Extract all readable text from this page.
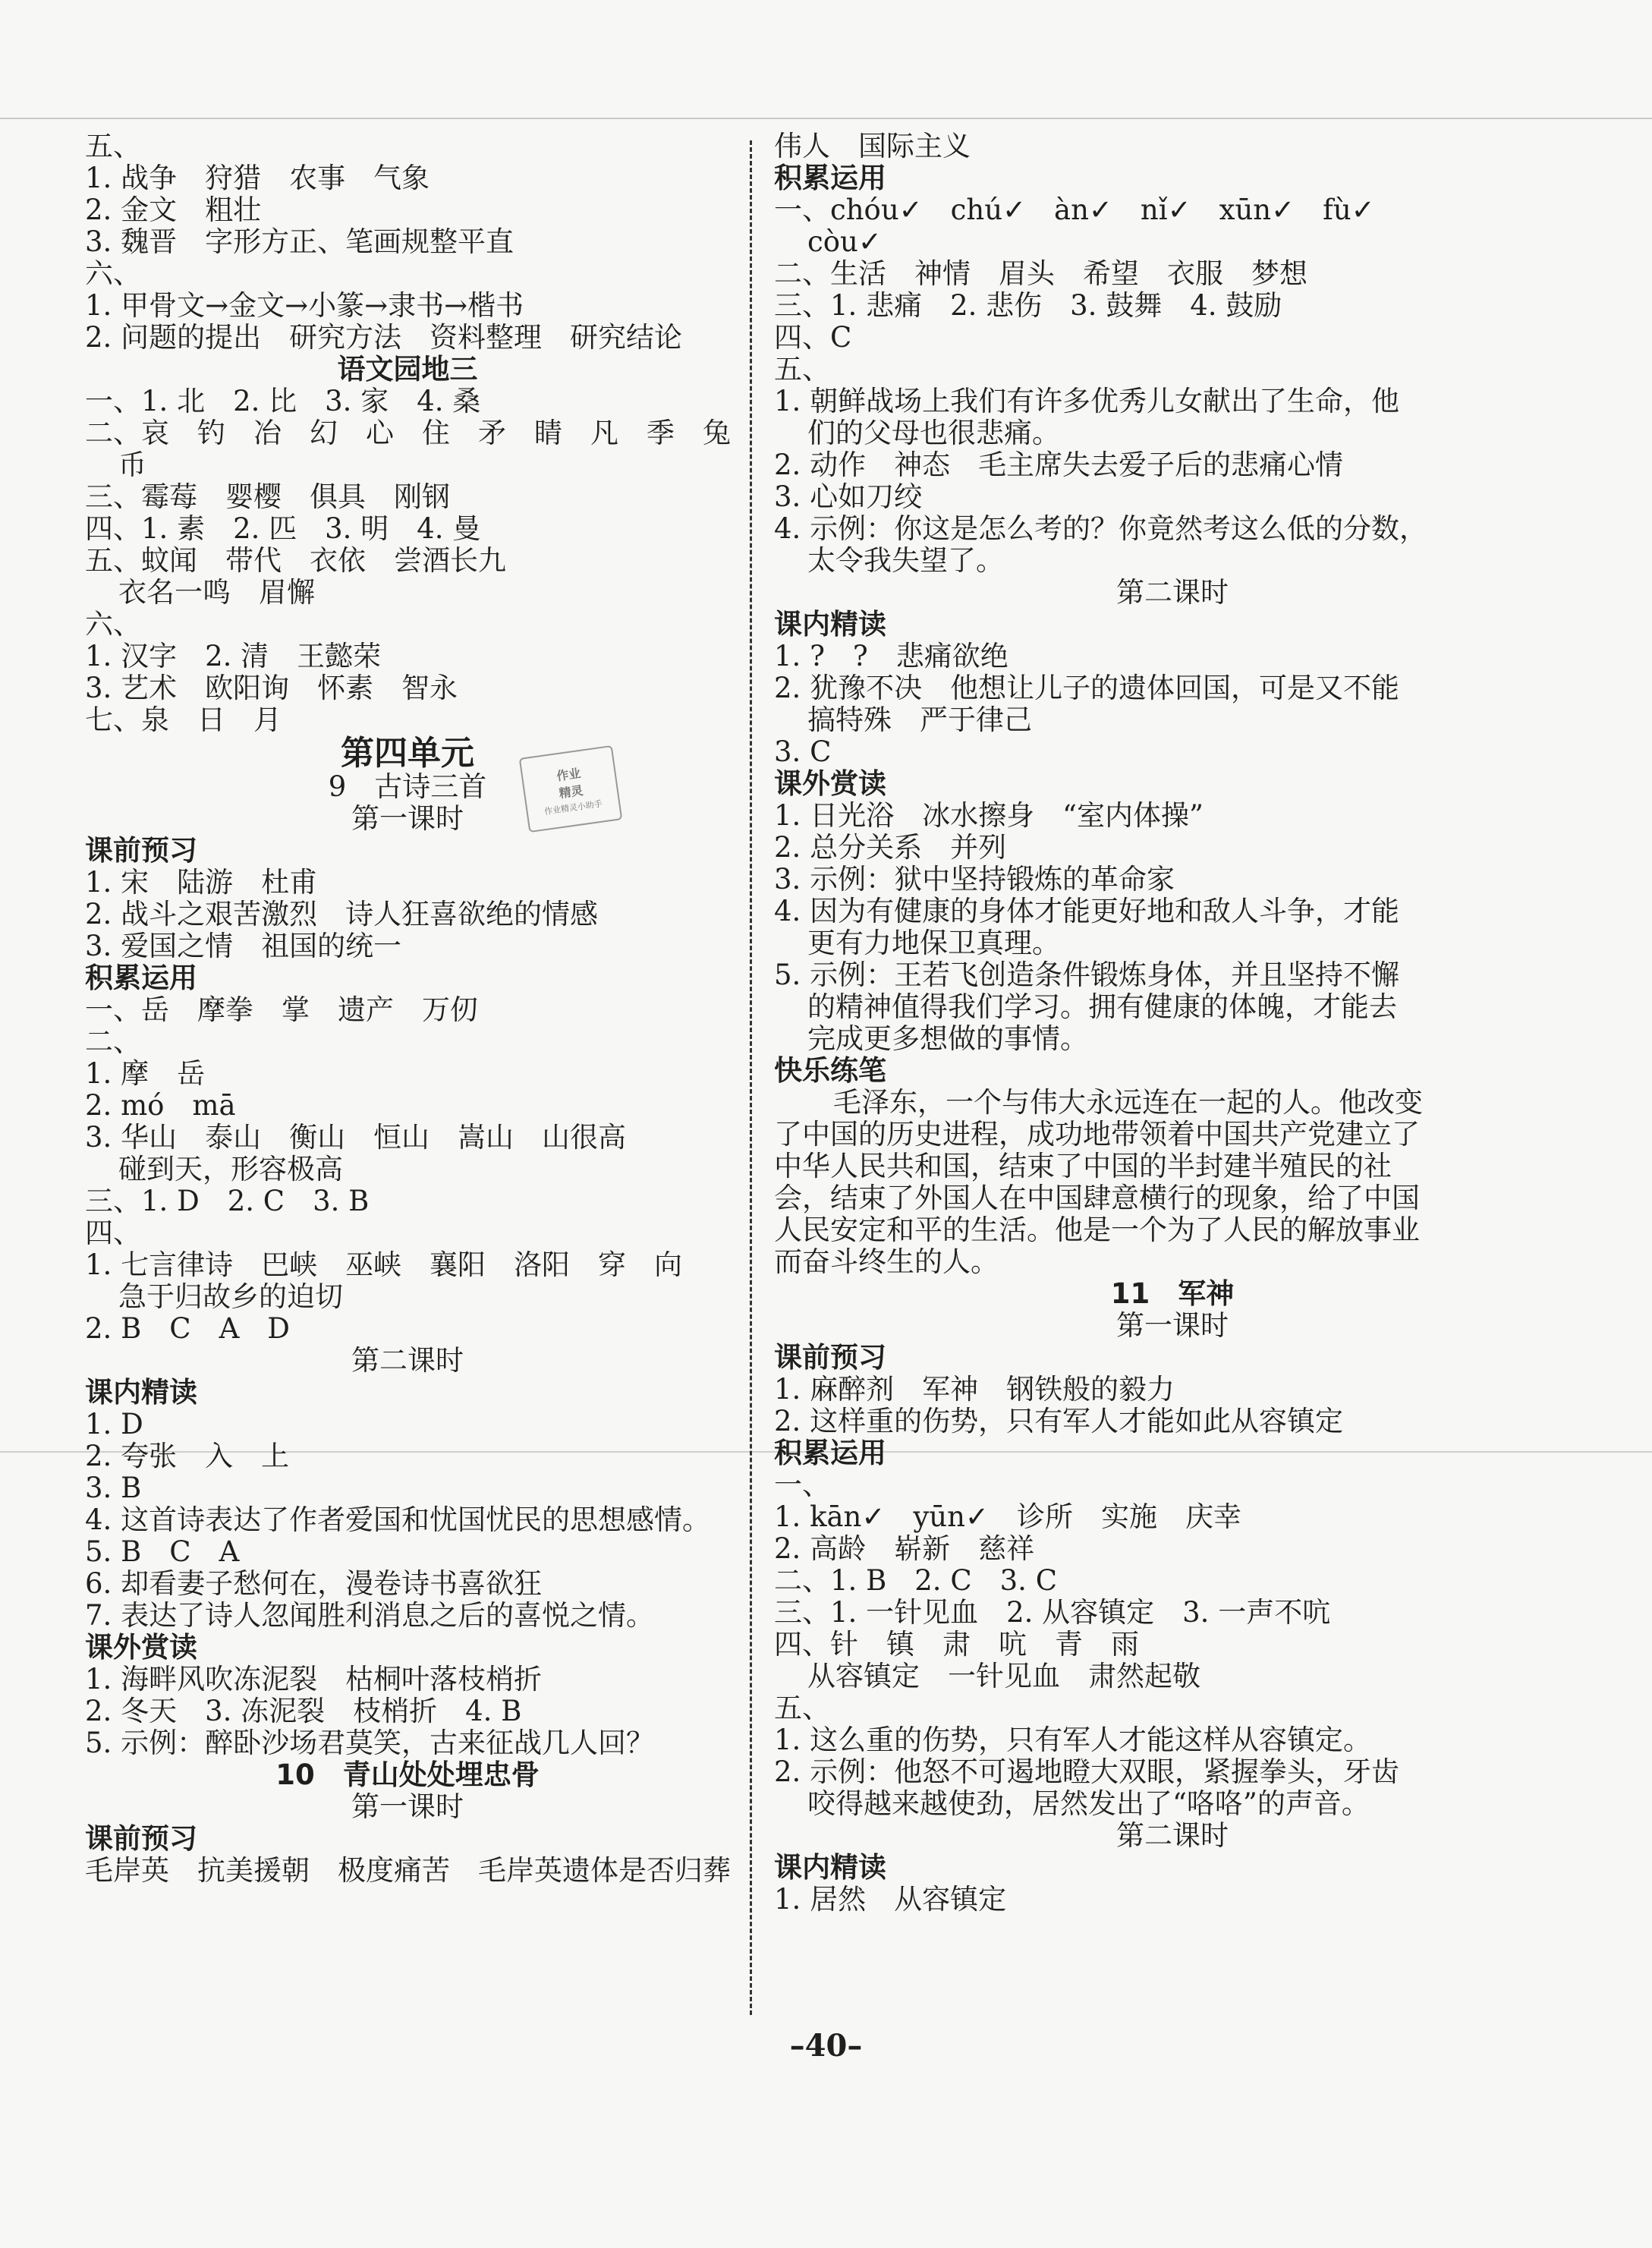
五、
1. 战争　狩猎　农事　气象
2. 金文　粗壮
3. 魏晋　字形方正、笔画规整平直
六、
1. 甲骨文→金文→小篆→隶书→楷书
2. 问题的提出　研究方法　资料整理　研究结论
语文园地三
一、1. 北　2. 比　3. 家　4. 桑
二、哀　钓　冶　幻　心　住　矛　睛　凡　季　兔
币
三、霉莓　婴樱　俱具　刚钢
四、1. 素　2. 匹　3. 明　4. 曼
五、蚊闻　带代　衣依　尝酒长九
衣名一鸣　眉懈
六、
1. 汉字　2. 清　王懿荣
3. 艺术　欧阳询　怀素　智永
七、泉　日　月
第四单元
9　古诗三首
第一课时
课前预习
1. 宋　陆游　杜甫
2. 战斗之艰苦激烈　诗人狂喜欲绝的情感
3. 爱国之情　祖国的统一
积累运用
一、岳　摩拳　掌　遗产　万仞
二、
1. 摩　岳
2. mó　mā
3. 华山　泰山　衡山　恒山　嵩山　山很高
碰到天，形容极高
三、1. D　2. C　3. B
四、
1. 七言律诗　巴峡　巫峡　襄阳　洛阳　穿　向
急于归故乡的迫切
2. B　C　A　D
第二课时
课内精读
1. D
2. 夸张　入　上
3. B
4. 这首诗表达了作者爱国和忧国忧民的思想感情。
5. B　C　A
6. 却看妻子愁何在，漫卷诗书喜欲狂
7. 表达了诗人忽闻胜利消息之后的喜悦之情。
课外赏读
1. 海畔风吹冻泥裂　枯桐叶落枝梢折
2. 冬天　3. 冻泥裂　枝梢折　4. B
5. 示例：醉卧沙场君莫笑，古来征战几人回？
10　青山处处埋忠骨
第一课时
课前预习
毛岸英　抗美援朝　极度痛苦　毛岸英遗体是否归葬
伟人　国际主义
积累运用
一、chóu✓　chú✓　àn✓　nǐ✓　xūn✓　fù✓
còu✓
二、生活　神情　眉头　希望　衣服　梦想
三、1. 悲痛　2. 悲伤　3. 鼓舞　4. 鼓励
四、C
五、
1. 朝鲜战场上我们有许多优秀儿女献出了生命，他
们的父母也很悲痛。
2. 动作　神态　毛主席失去爱子后的悲痛心情
3. 心如刀绞
4. 示例：你这是怎么考的？你竟然考这么低的分数，
太令我失望了。
第二课时
课内精读
1. ?　?　悲痛欲绝
2. 犹豫不决　他想让儿子的遗体回国，可是又不能
搞特殊　严于律己
3. C
课外赏读
1. 日光浴　冰水擦身　“室内体操”
2. 总分关系　并列
3. 示例：狱中坚持锻炼的革命家
4. 因为有健康的身体才能更好地和敌人斗争，才能
更有力地保卫真理。
5. 示例：王若飞创造条件锻炼身体，并且坚持不懈
的精神值得我们学习。拥有健康的体魄，才能去
完成更多想做的事情。
快乐练笔
毛泽东，一个与伟大永远连在一起的人。他改变
了中国的历史进程，成功地带领着中国共产党建立了
中华人民共和国，结束了中国的半封建半殖民的社
会，结束了外国人在中国肆意横行的现象，给了中国
人民安定和平的生活。他是一个为了人民的解放事业
而奋斗终生的人。
11　军神
第一课时
课前预习
1. 麻醉剂　军神　钢铁般的毅力
2. 这样重的伤势，只有军人才能如此从容镇定
积累运用
一、
1. kān✓　yūn✓　诊所　实施　庆幸
2. 高龄　崭新　慈祥
二、1. B　2. C　3. C
三、1. 一针见血　2. 从容镇定　3. 一声不吭
四、针　镇　肃　吭　青　雨
从容镇定　一针见血　肃然起敬
五、
1. 这么重的伤势，只有军人才能这样从容镇定。
2. 示例：他怒不可遏地瞪大双眼，紧握拳头，牙齿
咬得越来越使劲，居然发出了“咯咯”的声音。
第二课时
课内精读
1. 居然　从容镇定
作业
精灵
作业精灵小助手
–40–
